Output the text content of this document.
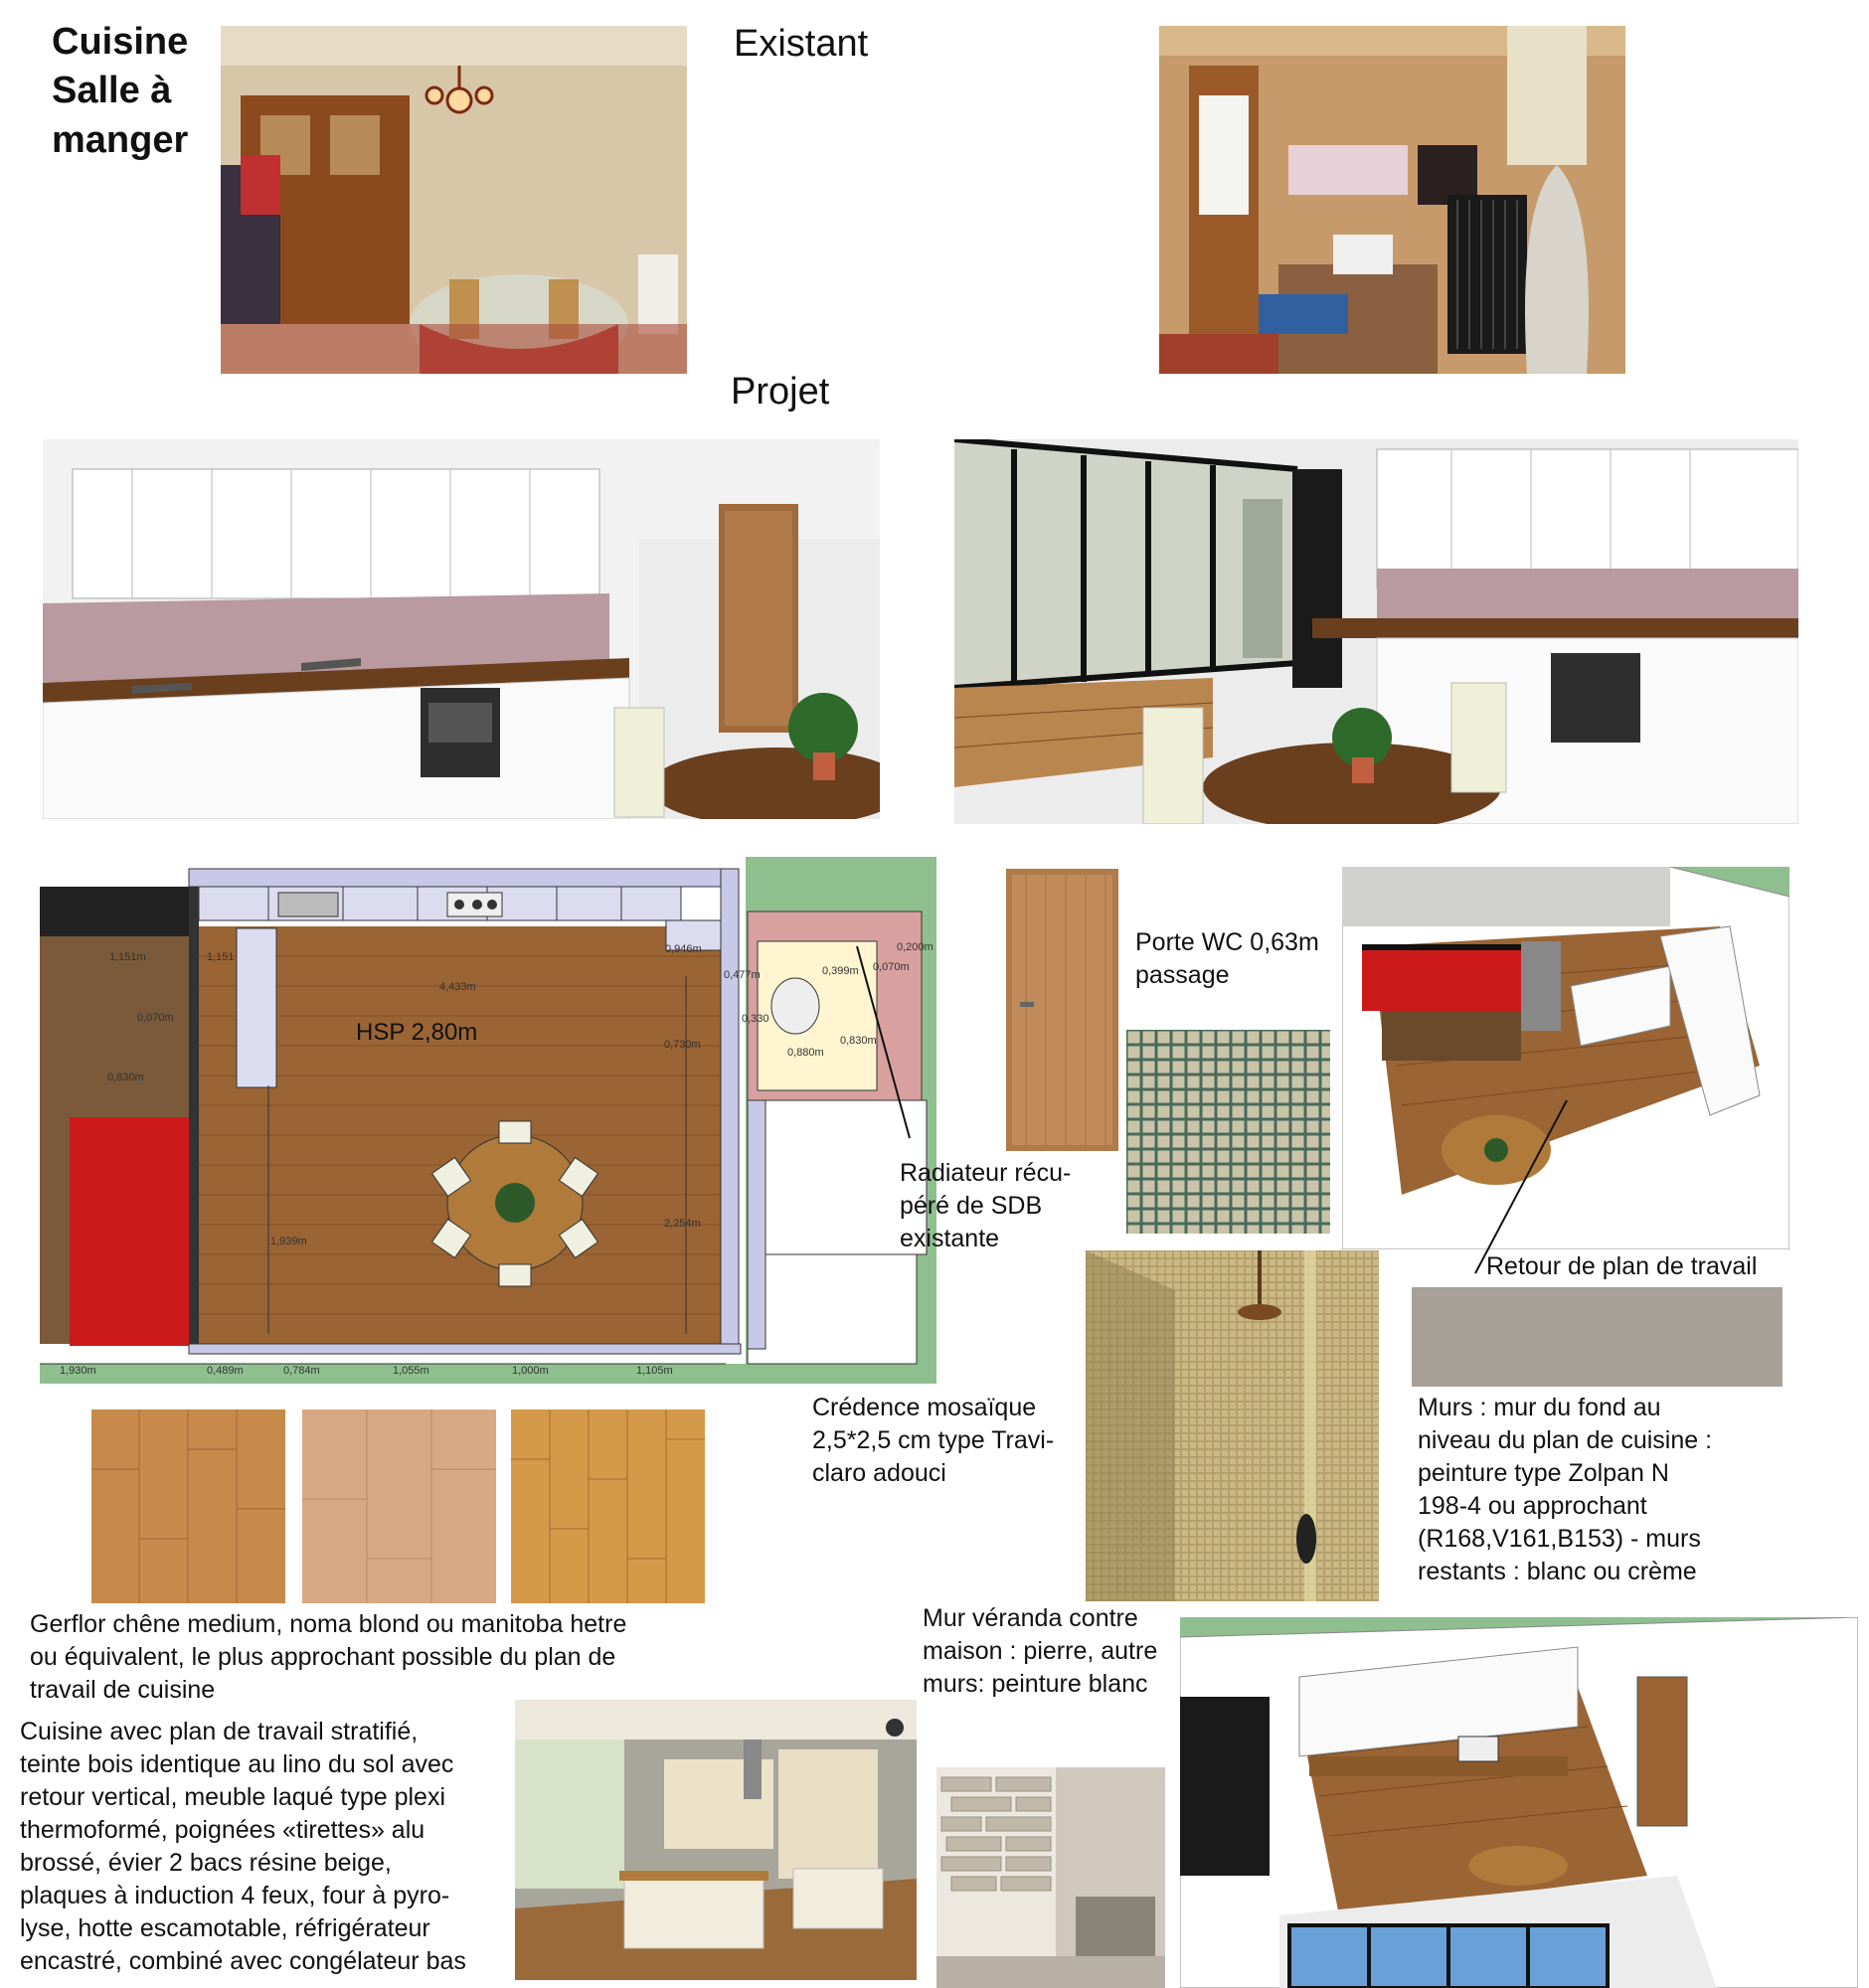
Cuisine
Salle à
manger
Existant
Projet
1,151m	1,151
0,946m
4,433m
0,070m
0,830m
0,730m
1,939m
2,254m
0,477m	0,399m
0,200m
0,070m
0,880m
0,830m
0,330
1,930m	0,489m	0,784m	1,055m	1,000m	1,105m
HSP 2,80m
Porte WC 0,63m
passage
Radiateur récu-
péré de SDB
existante
Retour de plan de travail
Murs : mur du fond au
niveau du plan de cuisine :
peinture type Zolpan N
198-4 ou approchant
(R168,V161,B153) - murs
restants : blanc ou crème
Crédence mosaïque
2,5*2,5 cm type Travi-
claro adouci
Gerflor chêne medium, noma blond ou manitoba hetre
ou équivalent, le plus approchant possible du plan de
travail de cuisine
Mur véranda contre
maison : pierre, autre
murs: peinture blanc
Cuisine avec plan de travail stratifié,
teinte bois identique au lino du sol avec
retour vertical, meuble laqué type plexi
thermoformé, poignées «tirettes» alu
brossé, évier 2 bacs résine beige,
plaques à induction 4 feux, four à pyro-
lyse, hotte escamotable, réfrigérateur
encastré, combiné avec congélateur bas
